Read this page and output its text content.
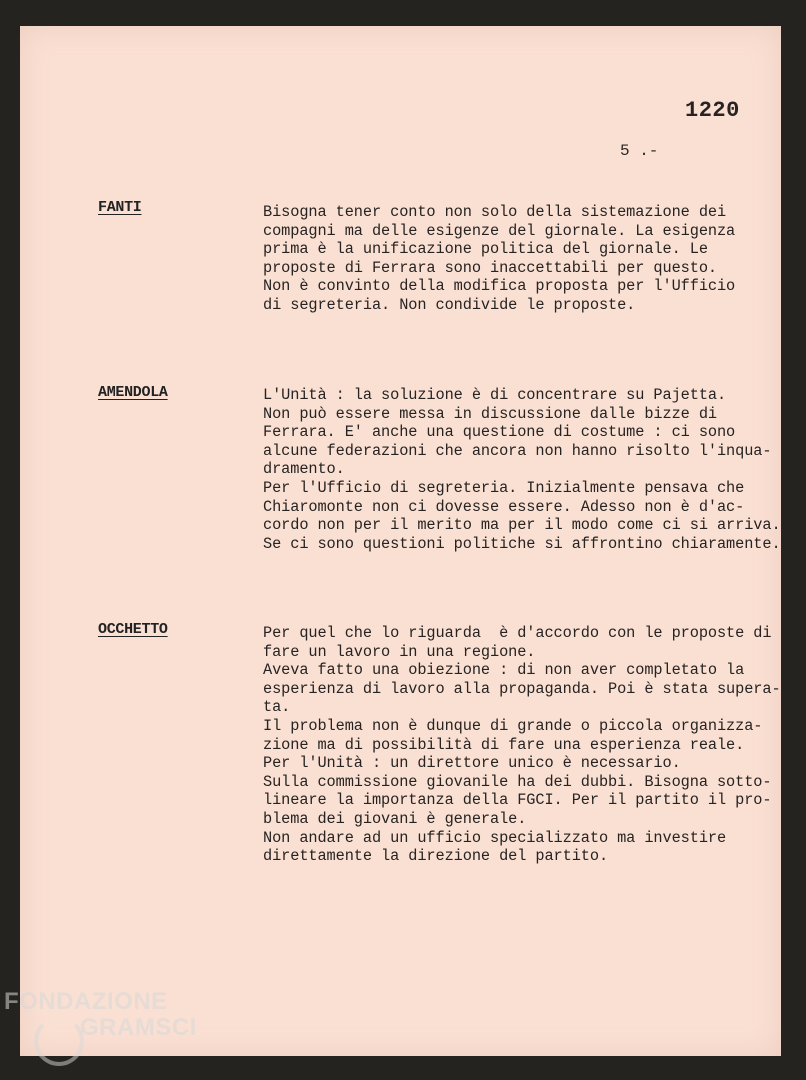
1220
5 .-
FANTI	Bisogna tener conto non solo della sistemazione dei
compagni ma delle esigenze del giornale. La esigenza
prima è la unificazione politica del giornale. Le
proposte di Ferrara sono inaccettabili per questo.
Non è convinto della modifica proposta per l'Ufficio
di segreteria. Non condivide le proposte.
AMENDOLA	L'Unità : la soluzione è di concentrare su Pajetta.
Non può essere messa in discussione dalle bizze di
Ferrara. E' anche una questione di costume : ci sono
alcune federazioni che ancora non hanno risolto l'inqua-
dramento.
Per l'Ufficio di segreteria. Inizialmente pensava che
Chiaromonte non ci dovesse essere. Adesso non è d'ac-
cordo non per il merito ma per il modo come ci si arriva.
Se ci sono questioni politiche si affrontino chiaramente.
OCCHETTO	Per quel che lo riguarda  è d'accordo con le proposte di
fare un lavoro in una regione.
Aveva fatto una obiezione : di non aver completato la
esperienza di lavoro alla propaganda. Poi è stata supera-
ta.
Il problema non è dunque di grande o piccola organizza-
zione ma di possibilità di fare una esperienza reale.
Per l'Unità : un direttore unico è necessario.
Sulla commissione giovanile ha dei dubbi. Bisogna sotto-
lineare la importanza della FGCI. Per il partito il pro-
blema dei giovani è generale.
Non andare ad un ufficio specializzato ma investire
direttamente la direzione del partito.
FONDAZIONE
GRAMSCI
